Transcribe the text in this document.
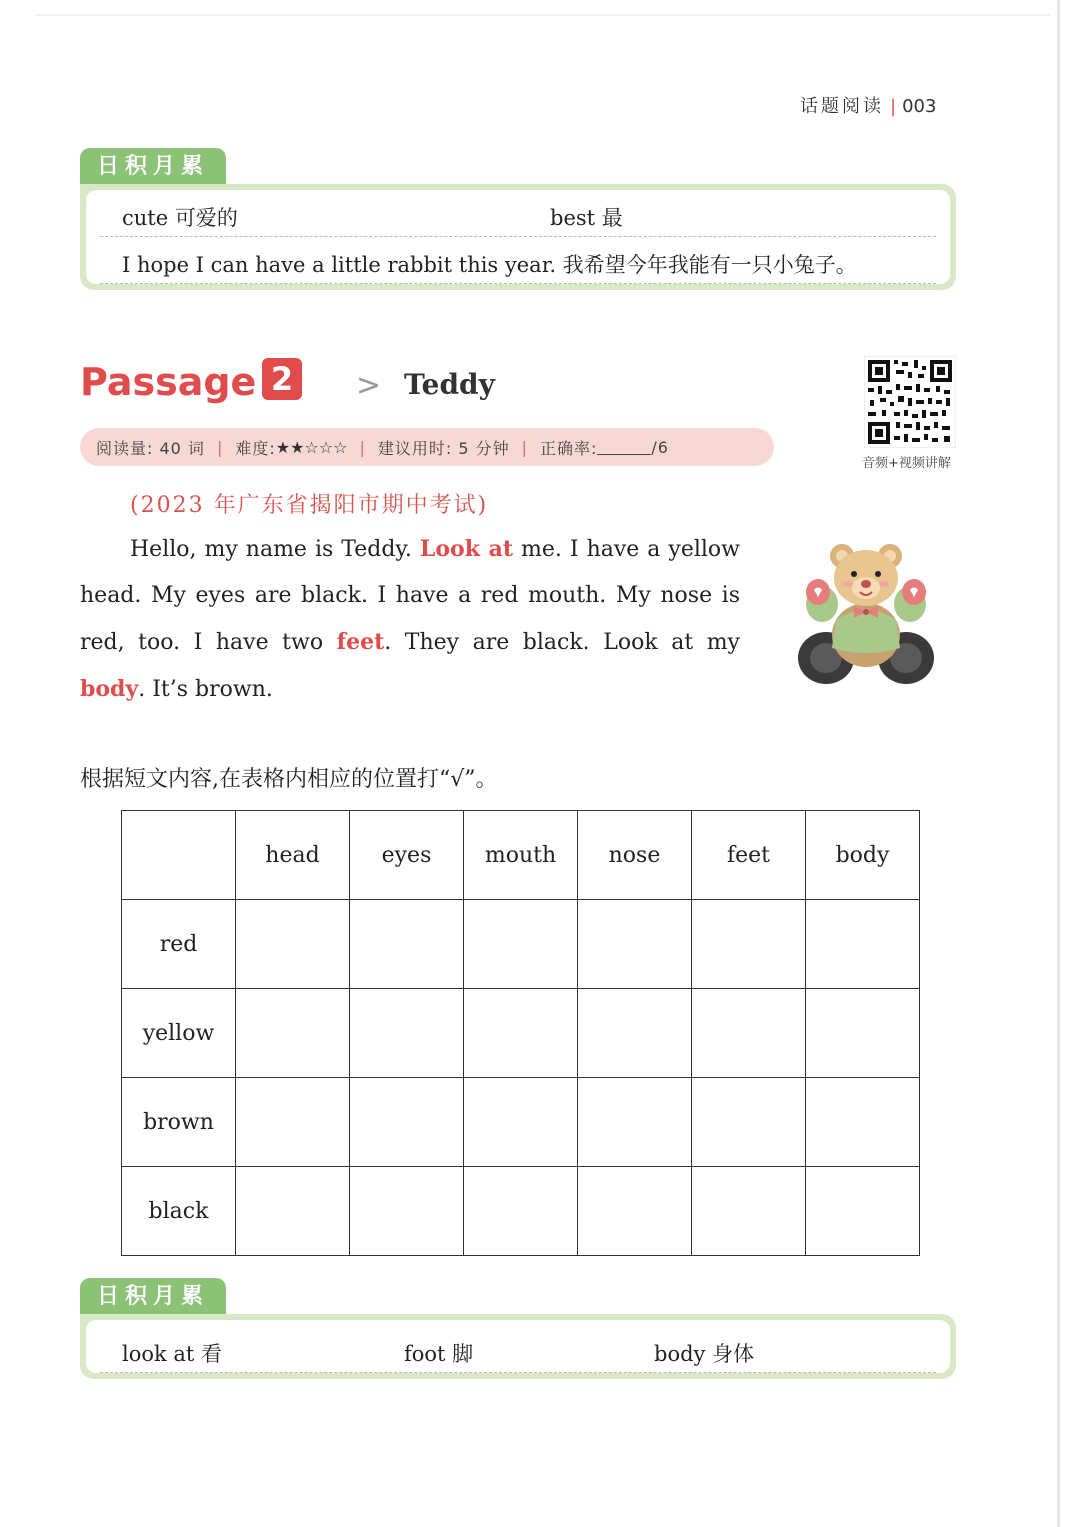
话题阅读 | 003
日积月累
cute 可爱的	best 最
I hope I can have a little rabbit this year. 我希望今年我能有一只小兔子。
Passage 2 > Teddy
阅读量: 40 词 | 难度: ★★☆☆☆ | 建议用时: 5 分钟 | 正确率:	/6
音频+视频讲解
(2023 年广东省揭阳市期中考试)
Hello, my name is Teddy. Look at me. I have a yellow head. My eyes are black. I have a red mouth. My nose is red, too. I have two feet. They are black. Look at my body. It’s brown.
根据短文内容,在表格内相应的位置打“√”。
	head	eyes	mouth	nose	feet	body
red						
yellow						
brown						
black						
日积月累
look at 看	foot 脚	body 身体
